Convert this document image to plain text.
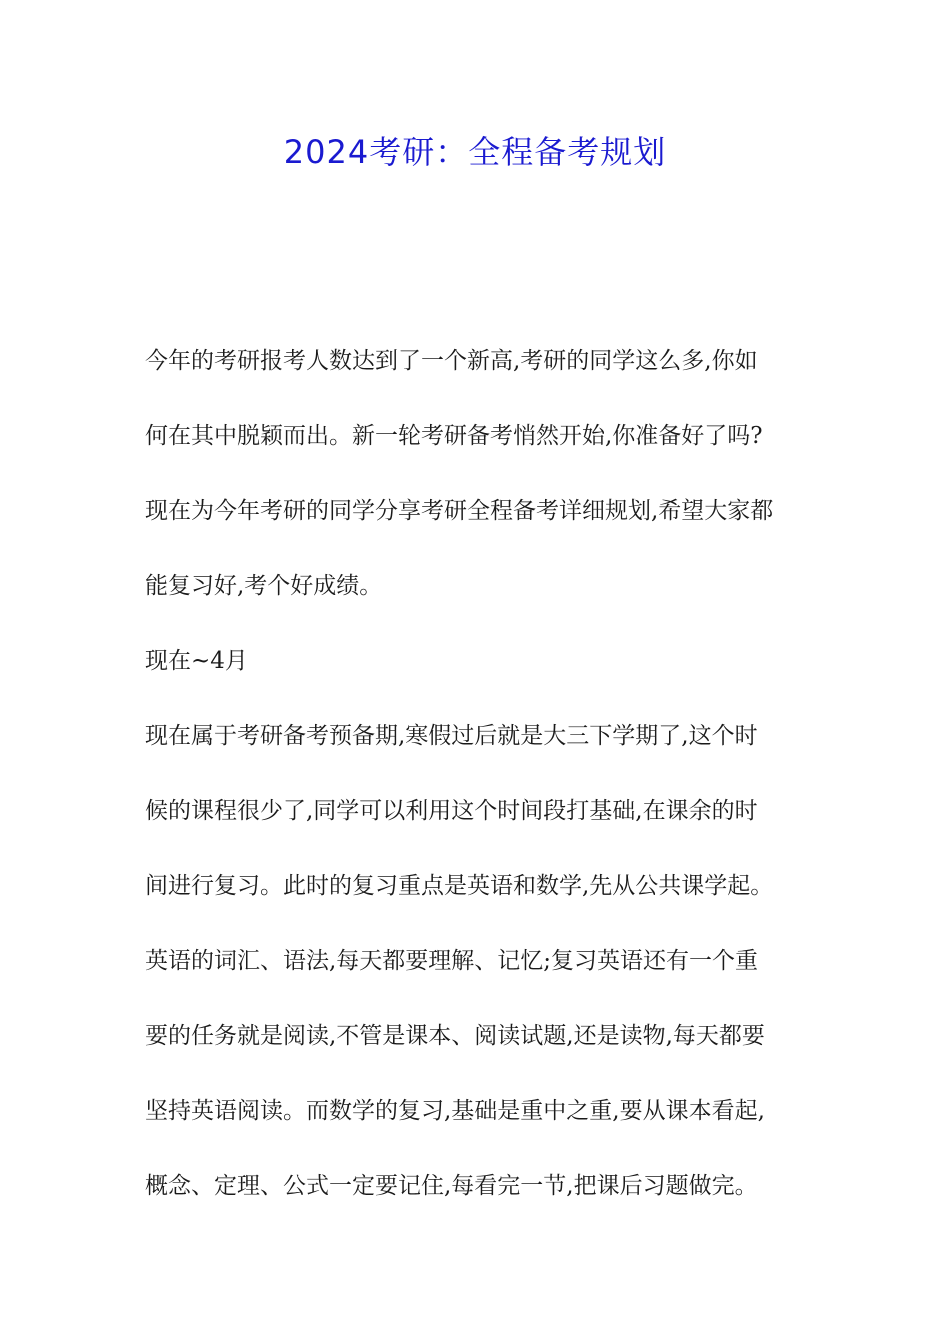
2024考研：全程备考规划
今年的考研报考人数达到了一个新高,考研的同学这么多,你如
何在其中脱颖而出。新一轮考研备考悄然开始,你准备好了吗?
现在为今年考研的同学分享考研全程备考详细规划,希望大家都
能复习好,考个好成绩。
现在~4月
现在属于考研备考预备期,寒假过后就是大三下学期了,这个时
候的课程很少了,同学可以利用这个时间段打基础,在课余的时
间进行复习。此时的复习重点是英语和数学,先从公共课学起。
英语的词汇、语法,每天都要理解、记忆;复习英语还有一个重
要的任务就是阅读,不管是课本、阅读试题,还是读物,每天都要
坚持英语阅读。而数学的复习,基础是重中之重,要从课本看起,
概念、定理、公式一定要记住,每看完一节,把课后习题做完。
